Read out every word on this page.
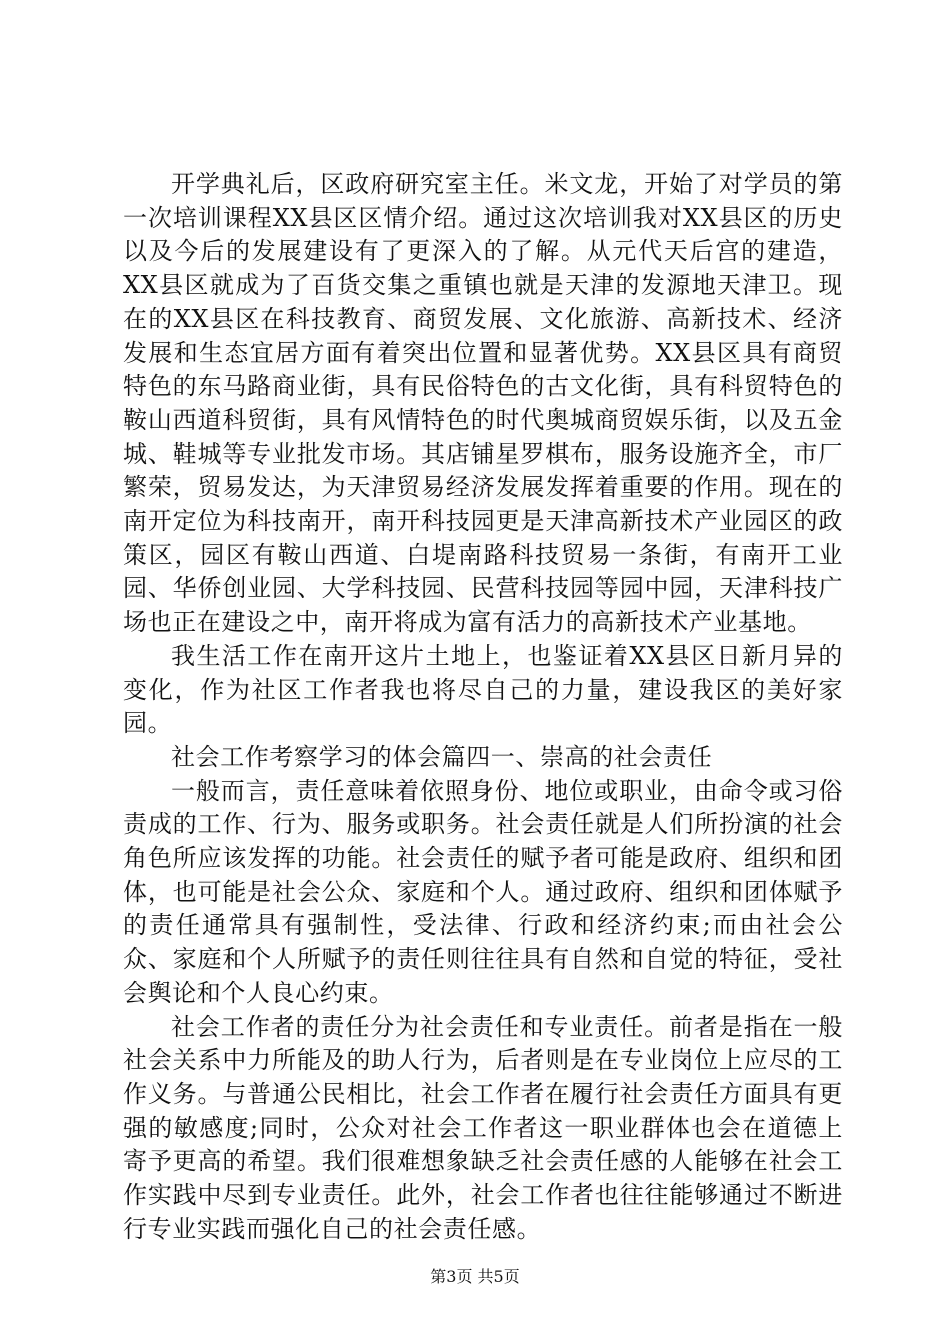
开学典礼后，区政府研究室主任。米文龙，开始了对学员的第一次培训课程XX县区区情介绍。通过这次培训我对XX县区的历史以及今后的发展建设有了更深入的了解。从元代天后宫的建造，XX县区就成为了百货交集之重镇也就是天津的发源地天津卫。现在的XX县区在科技教育、商贸发展、文化旅游、高新技术、经济发展和生态宜居方面有着突出位置和显著优势。XX县区具有商贸特色的东马路商业街，具有民俗特色的古文化街，具有科贸特色的鞍山西道科贸街，具有风情特色的时代奥城商贸娱乐街，以及五金城、鞋城等专业批发市场。其店铺星罗棋布，服务设施齐全，市厂繁荣，贸易发达，为天津贸易经济发展发挥着重要的作用。现在的南开定位为科技南开，南开科技园更是天津高新技术产业园区的政策区，园区有鞍山西道、白堤南路科技贸易一条街，有南开工业园、华侨创业园、大学科技园、民营科技园等园中园，天津科技广场也正在建设之中，南开将成为富有活力的高新技术产业基地。

我生活工作在南开这片土地上，也鉴证着XX县区日新月异的变化，作为社区工作者我也将尽自己的力量，建设我区的美好家园。

社会工作考察学习的体会篇四一、崇高的社会责任

一般而言，责任意味着依照身份、地位或职业，由命令或习俗责成的工作、行为、服务或职务。社会责任就是人们所扮演的社会角色所应该发挥的功能。社会责任的赋予者可能是政府、组织和团体，也可能是社会公众、家庭和个人。通过政府、组织和团体赋予的责任通常具有强制性，受法律、行政和经济约束;而由社会公众、家庭和个人所赋予的责任则往往具有自然和自觉的特征，受社会舆论和个人良心约束。

社会工作者的责任分为社会责任和专业责任。前者是指在一般社会关系中力所能及的助人行为，后者则是在专业岗位上应尽的工作义务。与普通公民相比，社会工作者在履行社会责任方面具有更强的敏感度;同时，公众对社会工作者这一职业群体也会在道德上寄予更高的希望。我们很难想象缺乏社会责任感的人能够在社会工作实践中尽到专业责任。此外，社会工作者也往往能够通过不断进行专业实践而强化自己的社会责任感。

第3页 共5页
